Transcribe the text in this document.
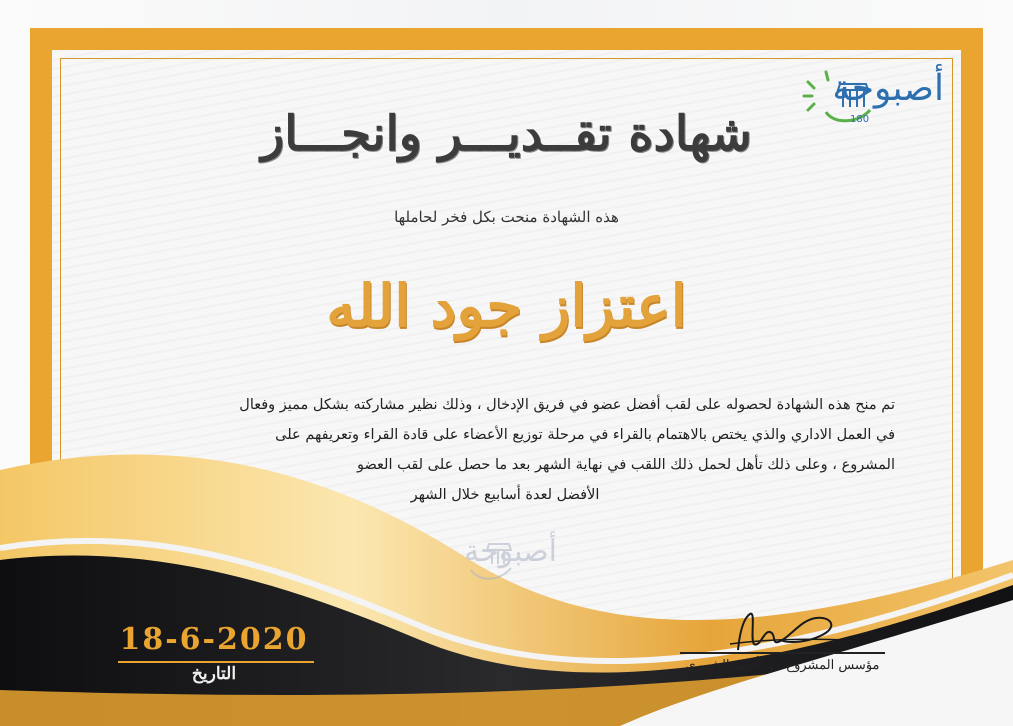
أصبوحة
180
شهادة تقــديـــر وانجـــاز
هذه الشهادة منحت بكل فخر لحاملها
اعتزاز جود الله
تم منح هذه الشهادة لحصوله على لقب أفضل عضو في فريق الإدخال ، وذلك نظير مشاركته بشكل مميز وفعال
في العمل الاداري والذي يختص بالاهتمام بالقراء في مرحلة توزيع الأعضاء على قادة القراء وتعريفهم على
المشروع ، وعلى ذلك تأهل لحمل ذلك اللقب في نهاية الشهر بعد ما حصل على لقب العضو
الأفضل لعدة أسابيع خلال الشهر
أصبوحة
18-6-2020
التاريخ	مؤسس المشروع : د. أحمد الشمري
